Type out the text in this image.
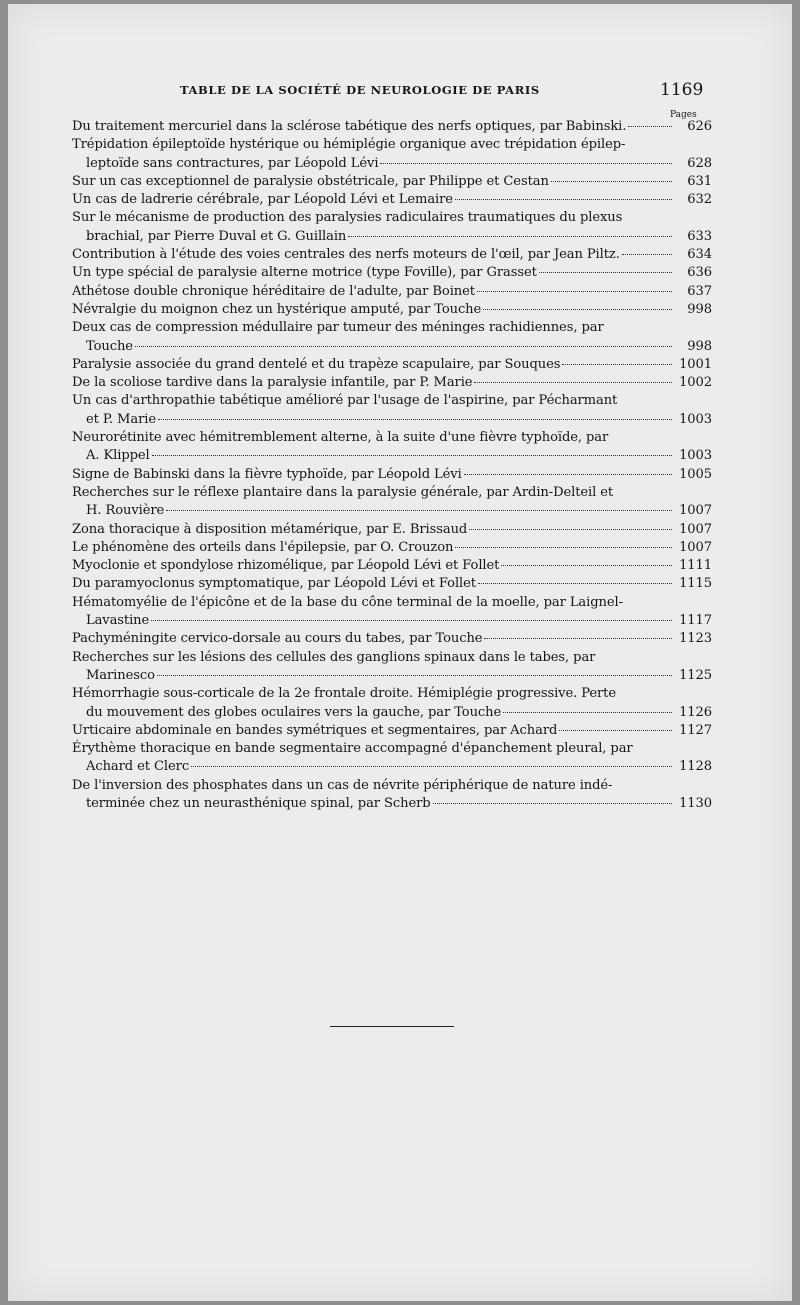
TABLE DE LA SOCIÉTÉ DE NEUROLOGIE DE PARIS	1169
Pages
Du traitement mercuriel dans la sclérose tabétique des nerfs optiques, par Babinski.	626
Trépidation épileptoïde hystérique ou hémiplégie organique avec trépidation épilep-
leptoïde sans contractures, par Léopold Lévi	628
Sur un cas exceptionnel de paralysie obstétricale, par Philippe et Cestan	631
Un cas de ladrerie cérébrale, par Léopold Lévi et Lemaire	632
Sur le mécanisme de production des paralysies radiculaires traumatiques du plexus
brachial, par Pierre Duval et G. Guillain	633
Contribution à l'étude des voies centrales des nerfs moteurs de l'œil, par Jean Piltz.	634
Un type spécial de paralysie alterne motrice (type Foville), par Grasset	636
Athétose double chronique héréditaire de l'adulte, par Boinet	637
Névralgie du moignon chez un hystérique amputé, par Touche	998
Deux cas de compression médullaire par tumeur des méninges rachidiennes, par
Touche	998
Paralysie associée du grand dentelé et du trapèze scapulaire, par Souques	1001
De la scoliose tardive dans la paralysie infantile, par P. Marie	1002
Un cas d'arthropathie tabétique amélioré par l'usage de l'aspirine, par Pécharmant
et P. Marie	1003
Neurorétinite avec hémitremblement alterne, à la suite d'une fièvre typhoïde, par
A. Klippel	1003
Signe de Babinski dans la fièvre typhoïde, par Léopold Lévi	1005
Recherches sur le réflexe plantaire dans la paralysie générale, par Ardin-Delteil et
H. Rouvière	1007
Zona thoracique à disposition métamérique, par E. Brissaud	1007
Le phénomène des orteils dans l'épilepsie, par O. Crouzon	1007
Myoclonie et spondylose rhizomélique, par Léopold Lévi et Follet	1111
Du paramyoclonus symptomatique, par Léopold Lévi et Follet	1115
Hématomyélie de l'épicône et de la base du cône terminal de la moelle, par Laignel-
Lavastine	1117
Pachyméningite cervico-dorsale au cours du tabes, par Touche	1123
Recherches sur les lésions des cellules des ganglions spinaux dans le tabes, par
Marinesco	1125
Hémorrhagie sous-corticale de la 2e frontale droite. Hémiplégie progressive. Perte
du mouvement des globes oculaires vers la gauche, par Touche	1126
Urticaire abdominale en bandes symétriques et segmentaires, par Achard	1127
Érythème thoracique en bande segmentaire accompagné d'épanchement pleural, par
Achard et Clerc	1128
De l'inversion des phosphates dans un cas de névrite périphérique de nature indé-
terminée chez un neurasthénique spinal, par Scherb	1130
